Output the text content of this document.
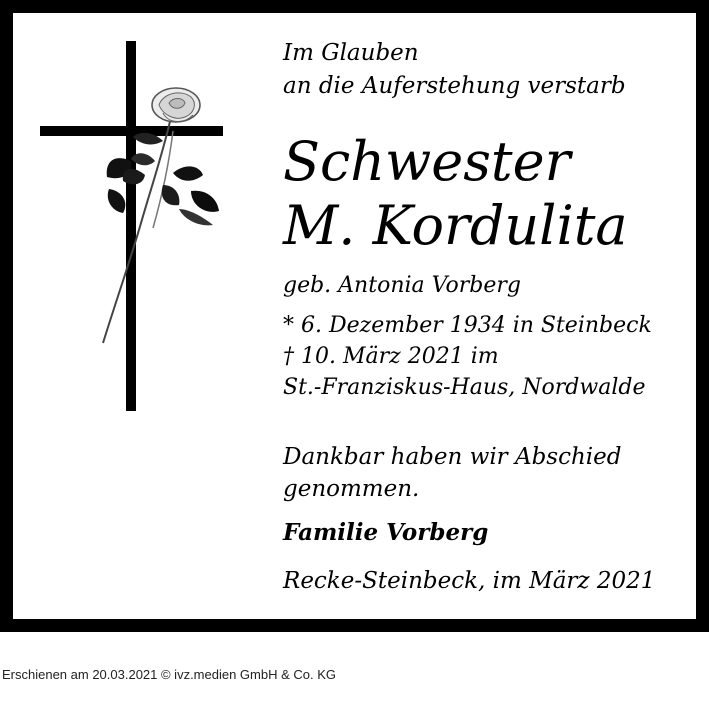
Im Glauben
an die Auferstehung verstarb

Schwester
M. Kordulita

geb. Antonia Vorberg

* 6. Dezember 1934 in Steinbeck
† 10. März 2021 im
St.-Franziskus-Haus, Nordwalde

Dankbar haben wir Abschied
genommen.

Familie Vorberg

Recke-Steinbeck, im März 2021

Erschienen am 20.03.2021 © ivz.medien GmbH & Co. KG
